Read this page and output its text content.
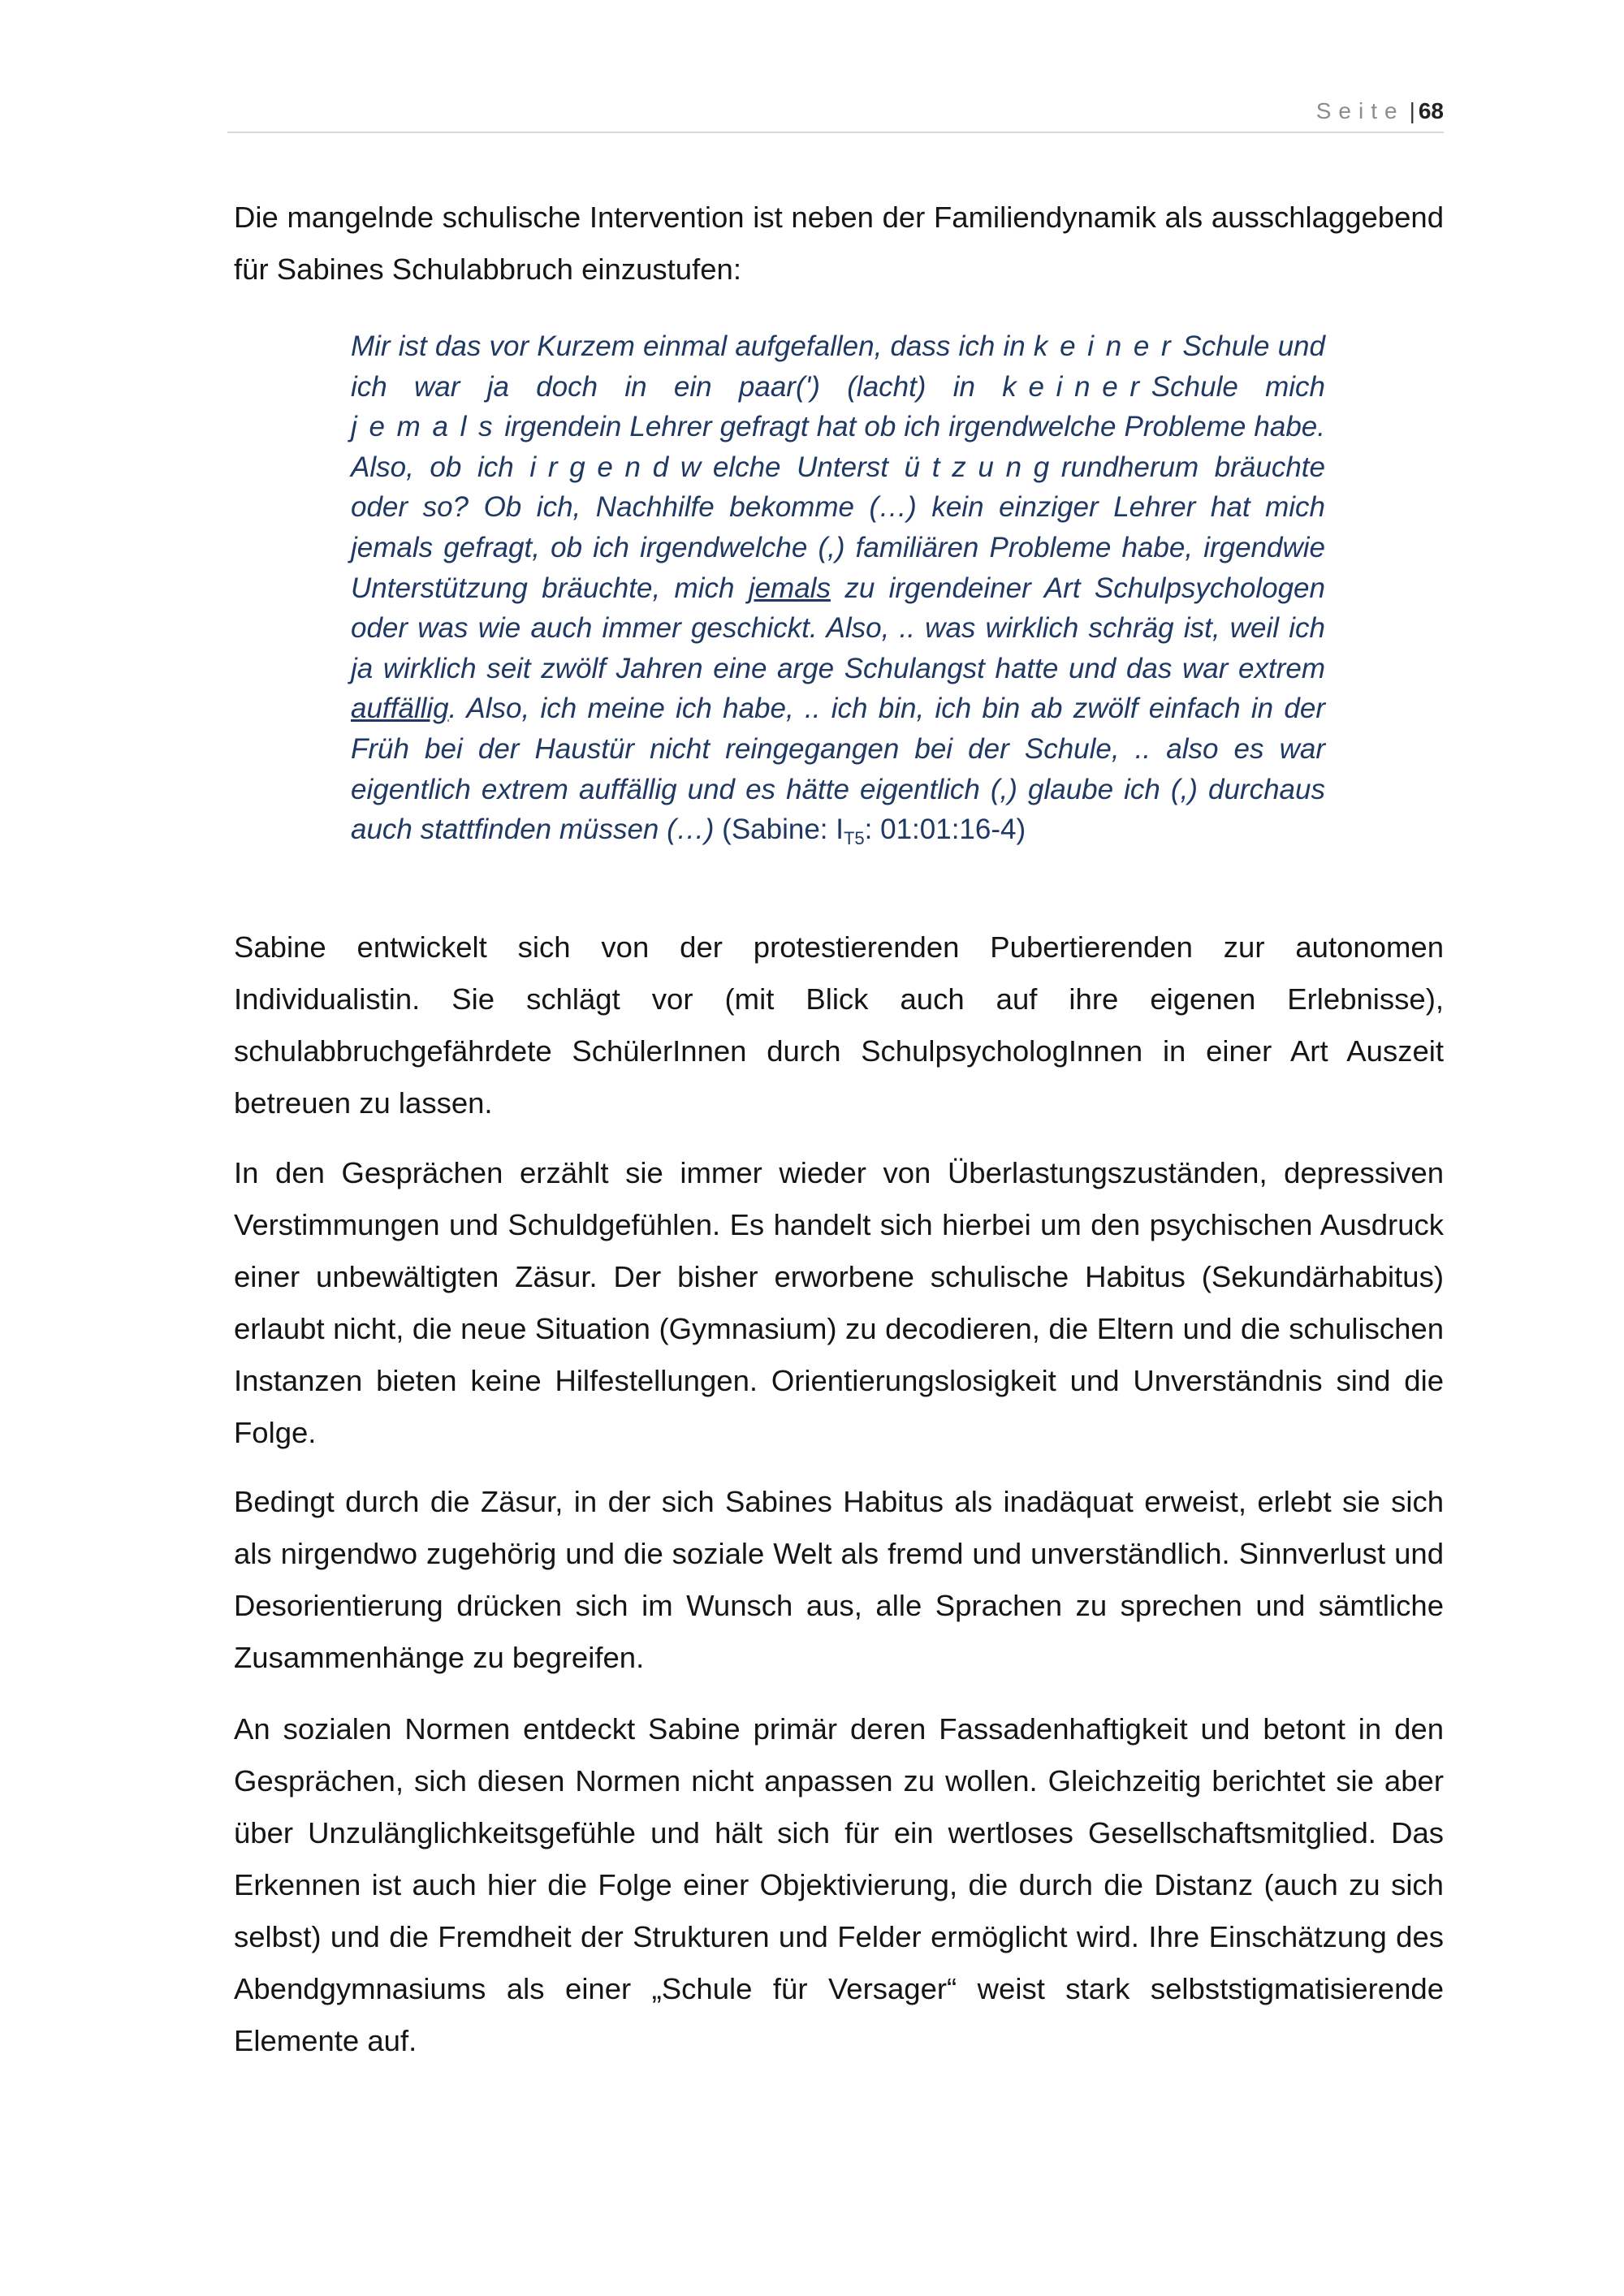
Seite | 68

Die mangelnde schulische Intervention ist neben der Familiendynamik als ausschlaggebend für Sabines Schulabbruch einzustufen:

Mir ist das vor Kurzem einmal aufgefallen, dass ich in keinerSchule und ich war ja doch in ein paar(') (lacht) in keinerSchule mich jemalsirgendein Lehrer gefragt hat ob ich irgendwelche Probleme habe. Also, ob ich irgendwelche Unterst ützungrundherum bräuchte oder so? Ob ich, Nachhilfe bekomme (…) kein einziger Lehrer hat mich jemals gefragt, ob ich irgendwelche (,) familiären Probleme habe, irgendwie Unterstützung bräuchte, mich jemals zu irgendeiner Art Schulpsychologen oder was wie auch immer geschickt. Also, .. was wirklich schräg ist, weil ich ja wirklich seit zwölf Jahren eine arge Schulangst hatte und das war extrem auffällig. Also, ich meine ich habe, .. ich bin, ich bin ab zwölf einfach in der Früh bei der Haustür nicht reingegangen bei der Schule, .. also es war eigentlich extrem auffällig und es hätte eigentlich (,) glaube ich (,) durchaus auch stattfinden müssen (…) (Sabine: $I_{T5}$: 01:01:16-4)

Sabine entwickelt sich von der protestierenden Pubertierenden zur autonomen Individualistin. Sie schlägt vor (mit Blick auch auf ihre eigenen Erlebnisse), schulabbruchgefährdete SchülerInnen durch SchulpsychologInnen in einer Art Auszeit betreuen zu lassen.

In den Gesprächen erzählt sie immer wieder von Überlastungszuständen, depressiven Verstimmungen und Schuldgefühlen. Es handelt sich hierbei um den psychischen Ausdruck einer unbewältigten Zäsur. Der bisher erworbene schulische Habitus (Sekundärhabitus) erlaubt nicht, die neue Situation (Gymnasium) zu decodieren, die Eltern und die schulischen Instanzen bieten keine Hilfestellungen. Orientierungslosigkeit und Unverständnis sind die Folge.

Bedingt durch die Zäsur, in der sich Sabines Habitus als inadäquat erweist, erlebt sie sich als nirgendwo zugehörig und die soziale Welt als fremd und unverständlich. Sinnverlust und Desorientierung drücken sich im Wunsch aus, alle Sprachen zu sprechen und sämtliche Zusammenhänge zu begreifen.

An sozialen Normen entdeckt Sabine primär deren Fassadenhaftigkeit und betont in den Gesprächen, sich diesen Normen nicht anpassen zu wollen. Gleichzeitig berichtet sie aber über Unzulänglichkeitsgefühle und hält sich für ein wertloses Gesellschaftsmitglied. Das Erkennen ist auch hier die Folge einer Objektivierung, die durch die Distanz (auch zu sich selbst) und die Fremdheit der Strukturen und Felder ermöglicht wird. Ihre Einschätzung des Abendgymnasiums als einer „Schule für Versager“ weist stark selbststigmatisierende Elemente auf.
